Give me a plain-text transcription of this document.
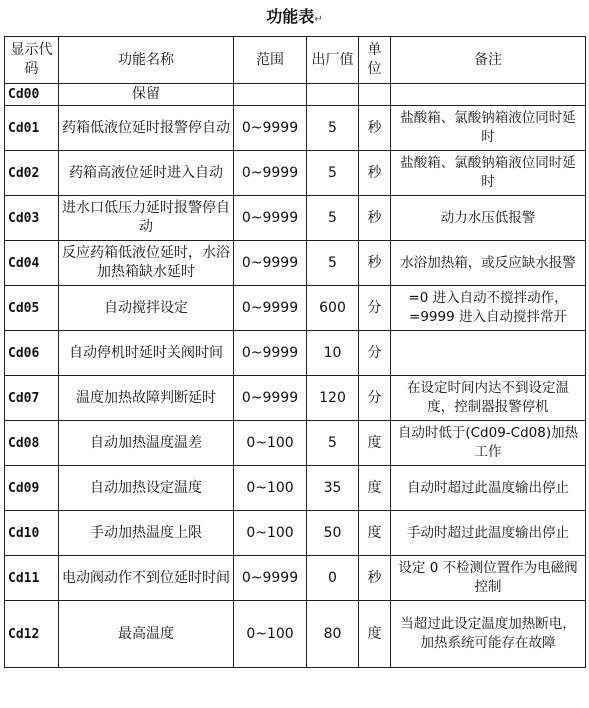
功能表↵
显示代码	功能名称	范围	出厂值	单位	备注
Cd00	保留				
Cd01	药箱低液位延时报警停自动	0~9999	5	秒	盐酸箱、氯酸钠箱液位同时延时
Cd02	药箱高液位延时进入自动	0~9999	5	秒	盐酸箱、氯酸钠箱液位同时延时
Cd03	进水口低压力延时报警停自动	0~9999	5	秒	动力水压低报警
Cd04	反应药箱低液位延时，水浴加热箱缺水延时	0~9999	5	秒	水浴加热箱，或反应缺水报警
Cd05	自动搅拌设定	0~9999	600	分	=0 进入自动不搅拌动作，=9999 进入自动搅拌常开
Cd06	自动停机时延时关阀时间	0~9999	10	分	
Cd07	温度加热故障判断延时	0~9999	120	分	在设定时间内达不到设定温度，控制器报警停机
Cd08	自动加热温度温差	0~100	5	度	自动时低于(Cd09-Cd08)加热工作
Cd09	自动加热设定温度	0~100	35	度	自动时超过此温度输出停止
Cd10	手动加热温度上限	0~100	50	度	手动时超过此温度输出停止
Cd11	电动阀动作不到位延时时间	0~9999	0	秒	设定 0 不检测位置作为电磁阀控制
Cd12	最高温度	0~100	80	度	当超过此设定温度加热断电，加热系统可能存在故障
